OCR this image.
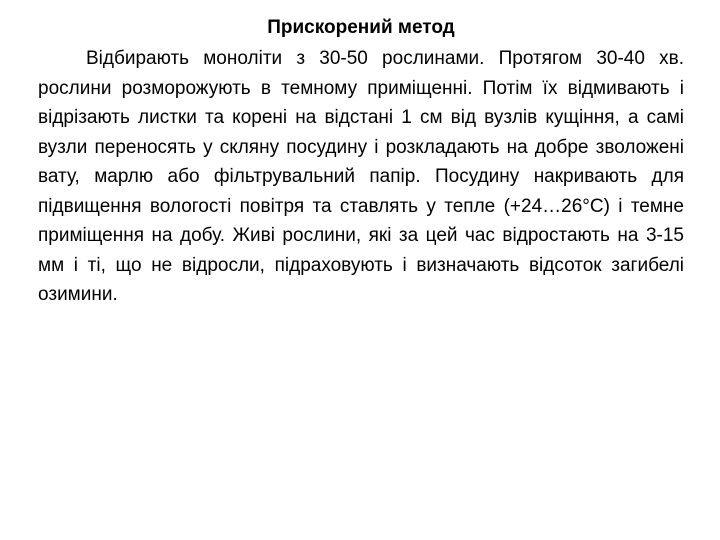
Прискорений метод

Відбирають моноліти з 30-50 рослинами. Протягом 30-40 хв. рослини розморожують в темному приміщенні. Потім їх відмивають і відрізають листки та корені на відстані 1 см від вузлів кущіння, а самі вузли переносять у скляну посудину і розкладають на добре зволожені вату, марлю або фільтрувальний папір. Посудину накривають для підвищення вологості повітря та ставлять у тепле (+24…26°С) і темне приміщення на добу. Живі рослини, які за цей час відростають на 3-15 мм і ті, що не відросли, підраховують і визначають відсоток загибелі озимини.
